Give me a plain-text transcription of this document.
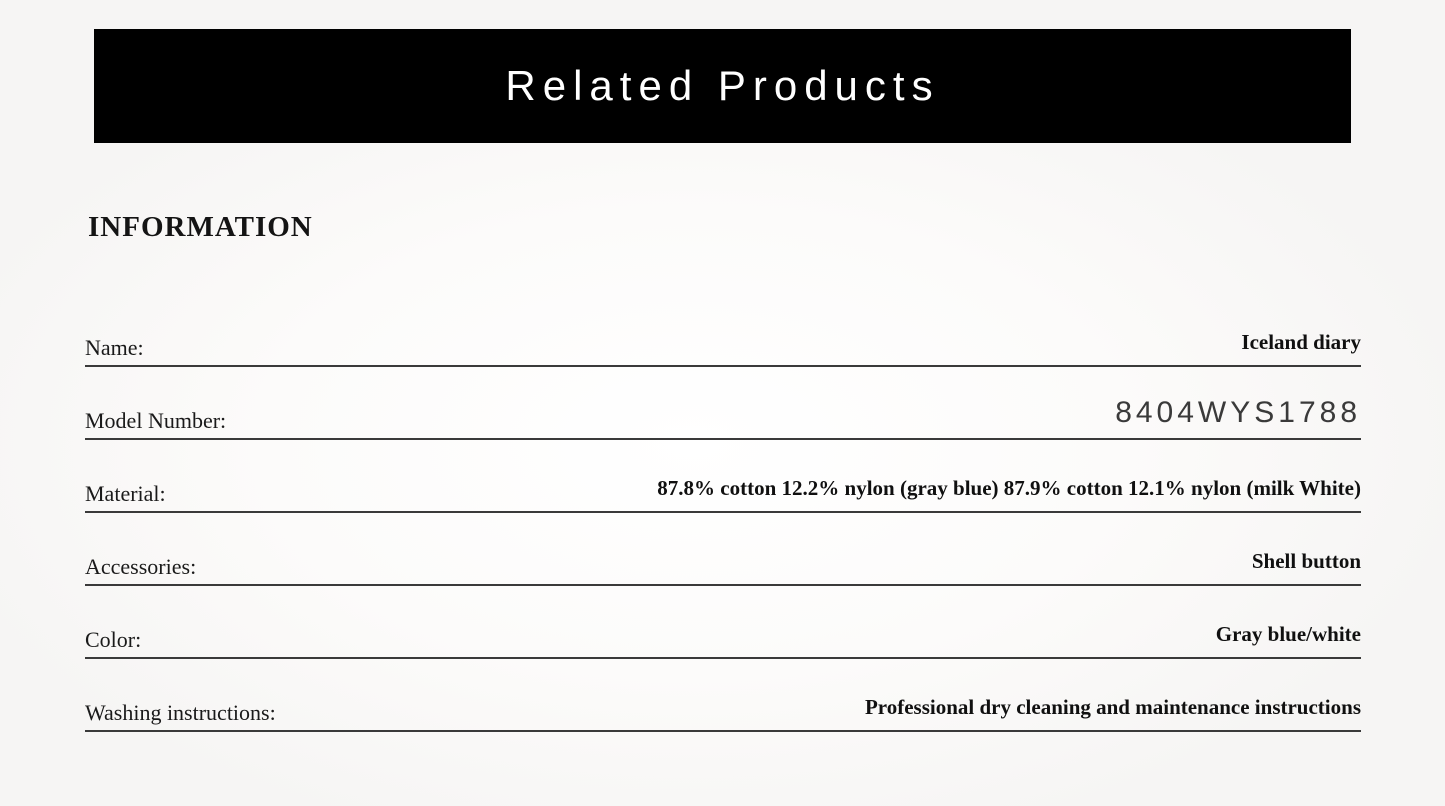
Related Products
INFORMATION
Name:	Iceland diary
Model Number:	8404WYS1788
Material:	87.8% cotton 12.2% nylon (gray blue) 87.9% cotton 12.1% nylon (milk White)
Accessories:	Shell button
Color:	Gray blue/white
Washing instructions:	Professional dry cleaning and maintenance instructions
